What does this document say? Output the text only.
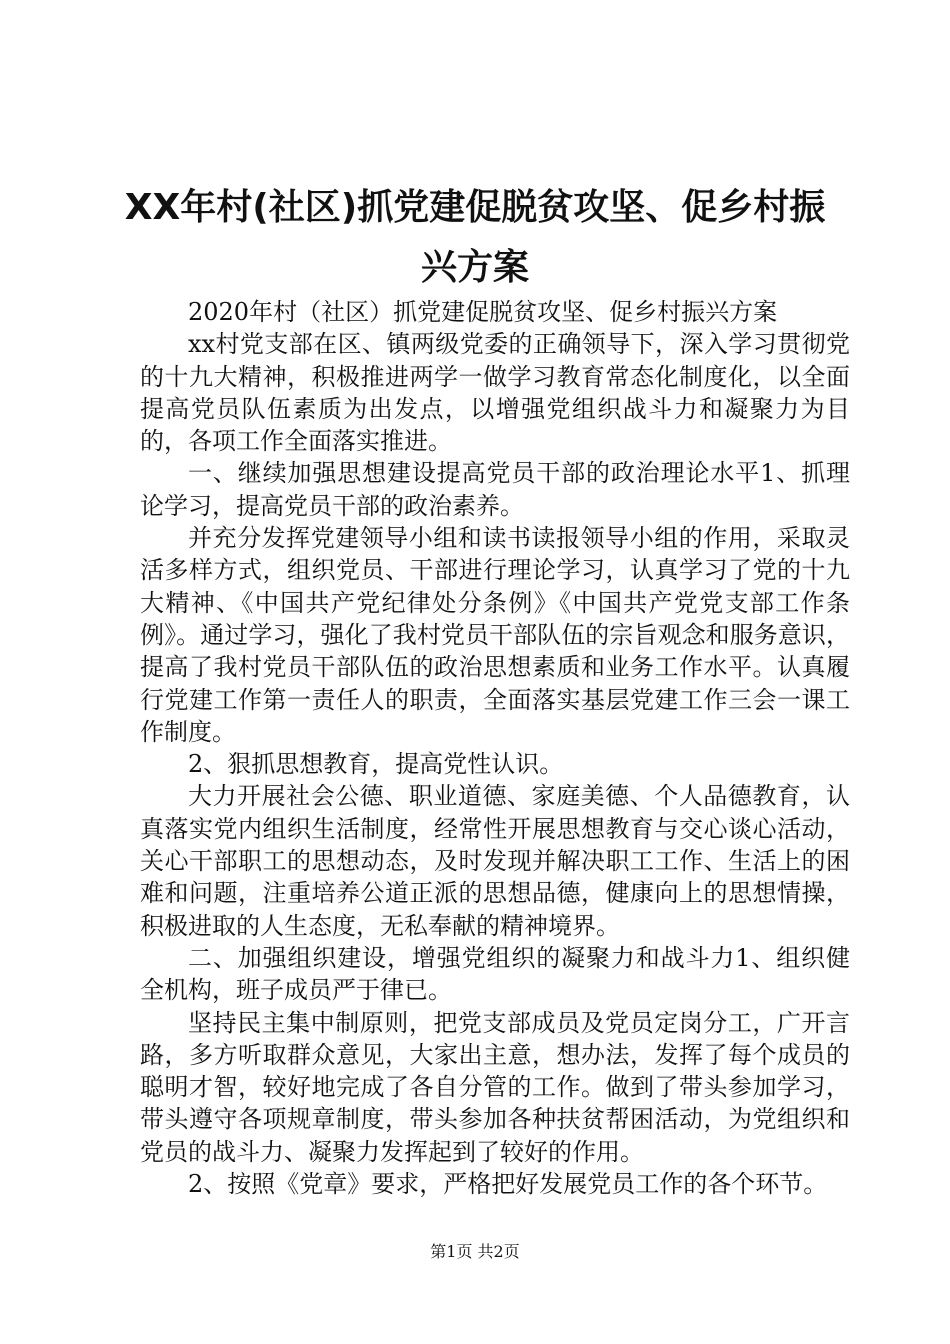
XX年村(社区)抓党建促脱贫攻坚、促乡村振
兴方案

2020年村（社区）抓党建促脱贫攻坚、促乡村振兴方案

xx村党支部在区、镇两级党委的正确领导下，深入学习贯彻党的十九大精神，积极推进两学一做学习教育常态化制度化，以全面提高党员队伍素质为出发点，以增强党组织战斗力和凝聚力为目的，各项工作全面落实推进。

一、继续加强思想建设提高党员干部的政治理论水平1、抓理论学习，提高党员干部的政治素养。

并充分发挥党建领导小组和读书读报领导小组的作用，采取灵活多样方式，组织党员、干部进行理论学习，认真学习了党的十九大精神、《中国共产党纪律处分条例》《中国共产党党支部工作条例》。通过学习，强化了我村党员干部队伍的宗旨观念和服务意识，提高了我村党员干部队伍的政治思想素质和业务工作水平。认真履行党建工作第一责任人的职责，全面落实基层党建工作三会一课工作制度。

2、狠抓思想教育，提高党性认识。

大力开展社会公德、职业道德、家庭美德、个人品德教育，认真落实党内组织生活制度，经常性开展思想教育与交心谈心活动，关心干部职工的思想动态，及时发现并解决职工工作、生活上的困难和问题，注重培养公道正派的思想品德，健康向上的思想情操，积极进取的人生态度，无私奉献的精神境界。

二、加强组织建设，增强党组织的凝聚力和战斗力1、组织健全机构，班子成员严于律已。

坚持民主集中制原则，把党支部成员及党员定岗分工，广开言路，多方听取群众意见，大家出主意，想办法，发挥了每个成员的聪明才智，较好地完成了各自分管的工作。做到了带头参加学习，带头遵守各项规章制度，带头参加各种扶贫帮困活动，为党组织和党员的战斗力、凝聚力发挥起到了较好的作用。

2、按照《党章》要求，严格把好发展党员工作的各个环节。

第1页 共2页
